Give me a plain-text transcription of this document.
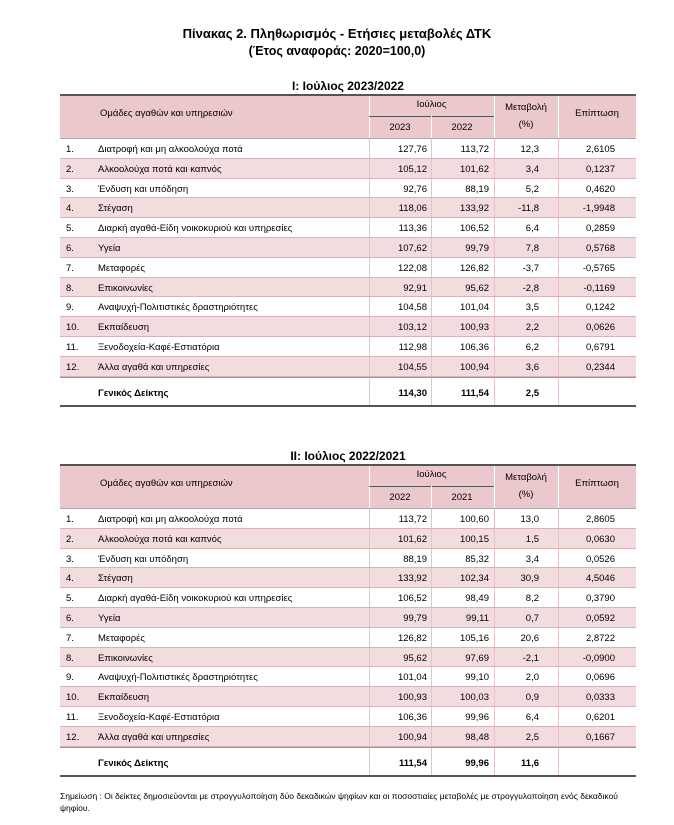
Πίνακας 2. Πληθωρισμός - Ετήσιες μεταβολές ΔΤΚ
(Έτος αναφοράς: 2020=100,0)
I: Ιούλιος 2023/2022
Ομάδες αγαθών και υπηρεσιών
Ιούλιος
2023	2022
Μεταβολή
(%)
Επίπτωση
1.	Διατροφή και μη αλκοολούχα ποτά	127,76	113,72	12,3	2,6105
2.	Αλκοολούχα ποτά και καπνός	105,12	101,62	3,4	0,1237
3.	Ένδυση και υπόδηση	92,76	88,19	5,2	0,4620
4.	Στέγαση	118,06	133,92	-11,8	-1,9948
5.	Διαρκή αγαθά-Είδη νοικοκυριού και υπηρεσίες	113,36	106,52	6,4	0,2859
6.	Υγεία	107,62	99,79	7,8	0,5768
7.	Μεταφορές	122,08	126,82	-3,7	-0,5765
8.	Επικοινωνίες	92,91	95,62	-2,8	-0,1169
9.	Αναψυχή-Πολιτιστικές δραστηριότητες	104,58	101,04	3,5	0,1242
10. Εκπαίδευση	103,12	100,93	2,2	0,0626
11. Ξενοδοχεία-Καφέ-Εστιατόρια	112,98	106,36	6,2	0,6791
12. Άλλα αγαθά και υπηρεσίες	104,55	100,94	3,6	0,2344
Γενικός Δείκτης	114,30	111,54	2,5
II: Ιούλιος 2022/2021
Ομάδες αγαθών και υπηρεσιών
Ιούλιος
2022	2021
Μεταβολή
(%)
Επίπτωση
1.	Διατροφή και μη αλκοολούχα ποτά	113,72	100,60	13,0	2,8605
2.	Αλκοολούχα ποτά και καπνός	101,62	100,15	1,5	0,0630
3.	Ένδυση και υπόδηση	88,19	85,32	3,4	0,0526
4.	Στέγαση	133,92	102,34	30,9	4,5046
5.	Διαρκή αγαθά-Είδη νοικοκυριού και υπηρεσίες	106,52	98,49	8,2	0,3790
6.	Υγεία	99,79	99,11	0,7	0,0592
7.	Μεταφορές	126,82	105,16	20,6	2,8722
8.	Επικοινωνίες	95,62	97,69	-2,1	-0,0900
9.	Αναψυχή-Πολιτιστικές δραστηριότητες	101,04	99,10	2,0	0,0696
10. Εκπαίδευση	100,93	100,03	0,9	0,0333
11. Ξενοδοχεία-Καφέ-Εστιατόρια	106,36	99,96	6,4	0,6201
12. Άλλα αγαθά και υπηρεσίες	100,94	98,48	2,5	0,1667
Γενικός Δείκτης	111,54	99,96	11,6
Σημείωση : Οι δείκτες δημοσιεύονται με στρογγυλοποίηση δύο δεκαδικών ψηφίων και οι ποσοστιαίες μεταβολές με στρογγυλοποίηση ενός δεκαδικού ψηφίου.
